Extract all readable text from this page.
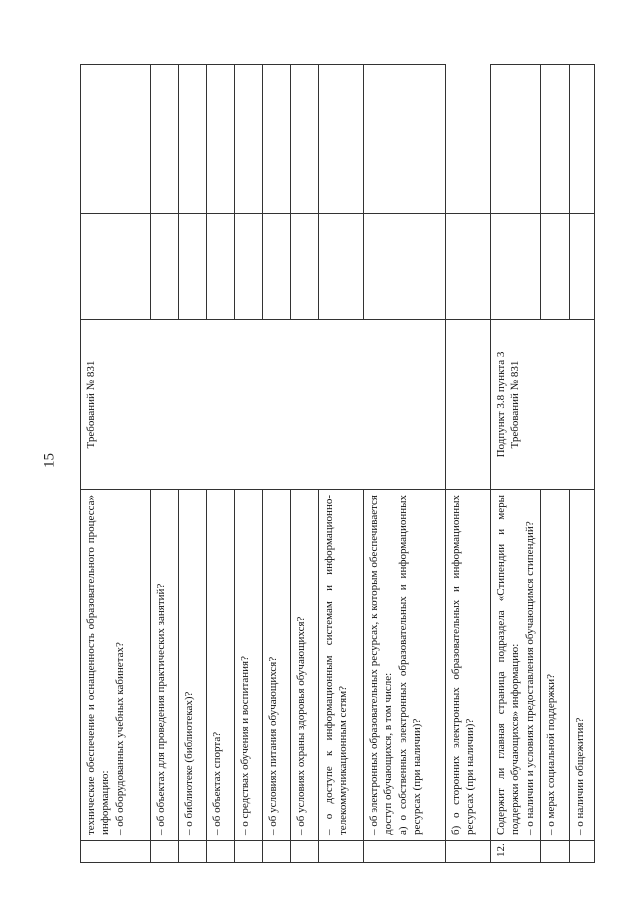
15

	технические обеспечение и оснащенность образовательного процесса» информацию: – об оборудованных учебных кабинетах?	Требований № 831		

	– об объектах для проведения практических занятий?			

	– о библиотеке (библиотеках)?			

	– об объектах спорта?			

	– о средствах обучения и воспитания?			

	– об условиях питания обучающихся?			

	– об условиях охраны здоровья обучающихся?			

	– о доступе к информационным системам и информационно-телекоммуникационным сетям?			

	– об электронных образовательных ресурсах, к которым обеспечивается доступ обучающихся, в том числе: а) о собственных электронных образовательных и информационных ресурсах (при наличии)?			

	б) о сторонних электронных образовательных и информационных ресурсах (при наличии)?			

12.	Содержит ли главная страница подраздела «Стипендии и меры поддержки обучающихся» информацию: – о наличии и условиях предоставления обучающимся стипендий?	Подпункт 3.8 пункта 3 Требований № 831		

	– о мерах социальной поддержки?			

	– о наличии общежития?			
